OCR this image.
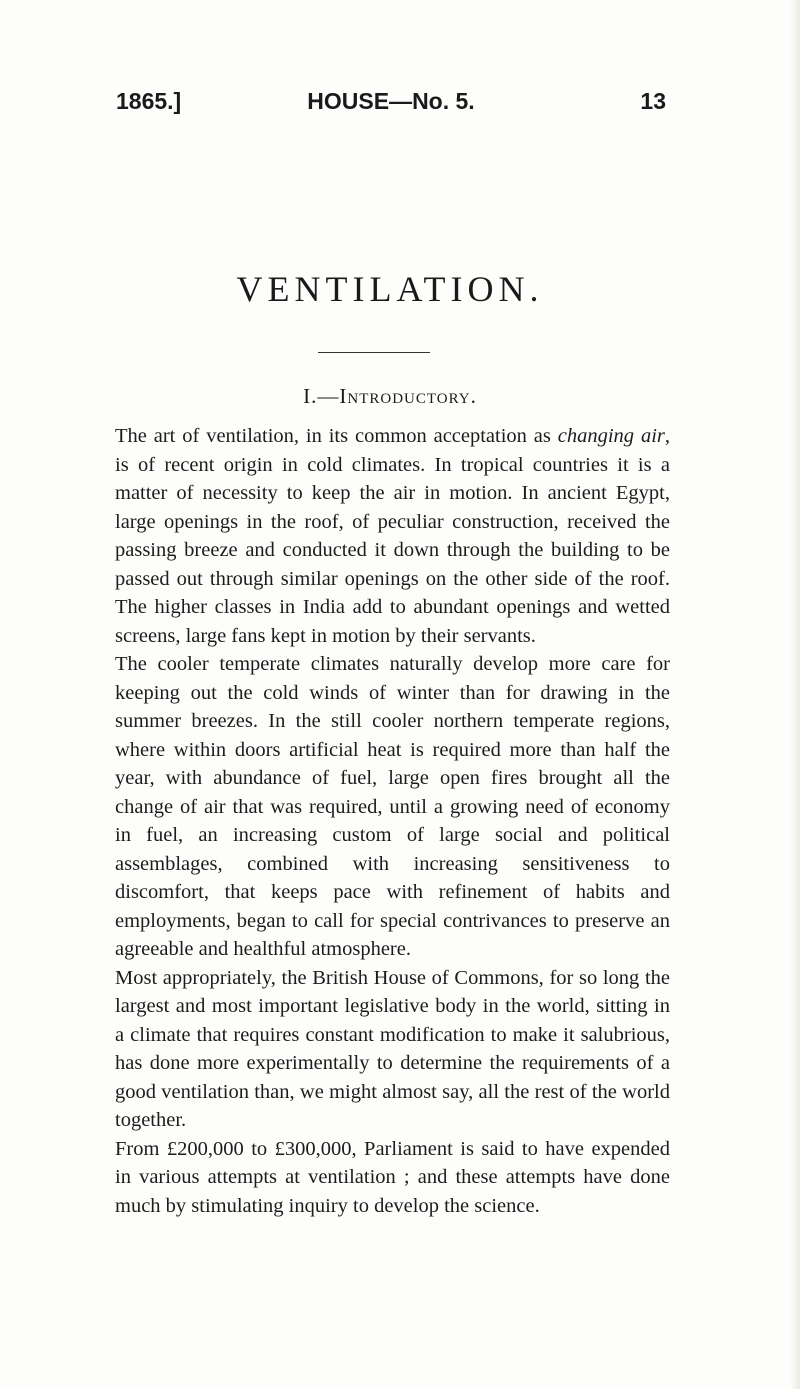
1865.]	HOUSE—No. 5.	13
VENTILATION.
I.—Introductory.

The art of ventilation, in its common acceptation as changing air, is of recent origin in cold climates. In tropical countries it is a matter of necessity to keep the air in motion. In ancient Egypt, large openings in the roof, of peculiar construction, received the passing breeze and conducted it down through the building to be passed out through similar openings on the other side of the roof. The higher classes in India add to abundant openings and wetted screens, large fans kept in motion by their servants.

The cooler temperate climates naturally develop more care for keeping out the cold winds of winter than for drawing in the summer breezes. In the still cooler northern temperate regions, where within doors artificial heat is required more than half the year, with abundance of fuel, large open fires brought all the change of air that was required, until a growing need of economy in fuel, an increasing custom of large social and political assemblages, combined with increasing sensitiveness to discomfort, that keeps pace with refinement of habits and employments, began to call for special contrivances to preserve an agreeable and healthful atmosphere.

Most appropriately, the British House of Commons, for so long the largest and most important legislative body in the world, sitting in a climate that requires constant modification to make it salubrious, has done more experimentally to determine the requirements of a good ventilation than, we might almost say, all the rest of the world together.

From £200,000 to £300,000, Parliament is said to have expended in various attempts at ventilation ; and these attempts have done much by stimulating inquiry to develop the science.
